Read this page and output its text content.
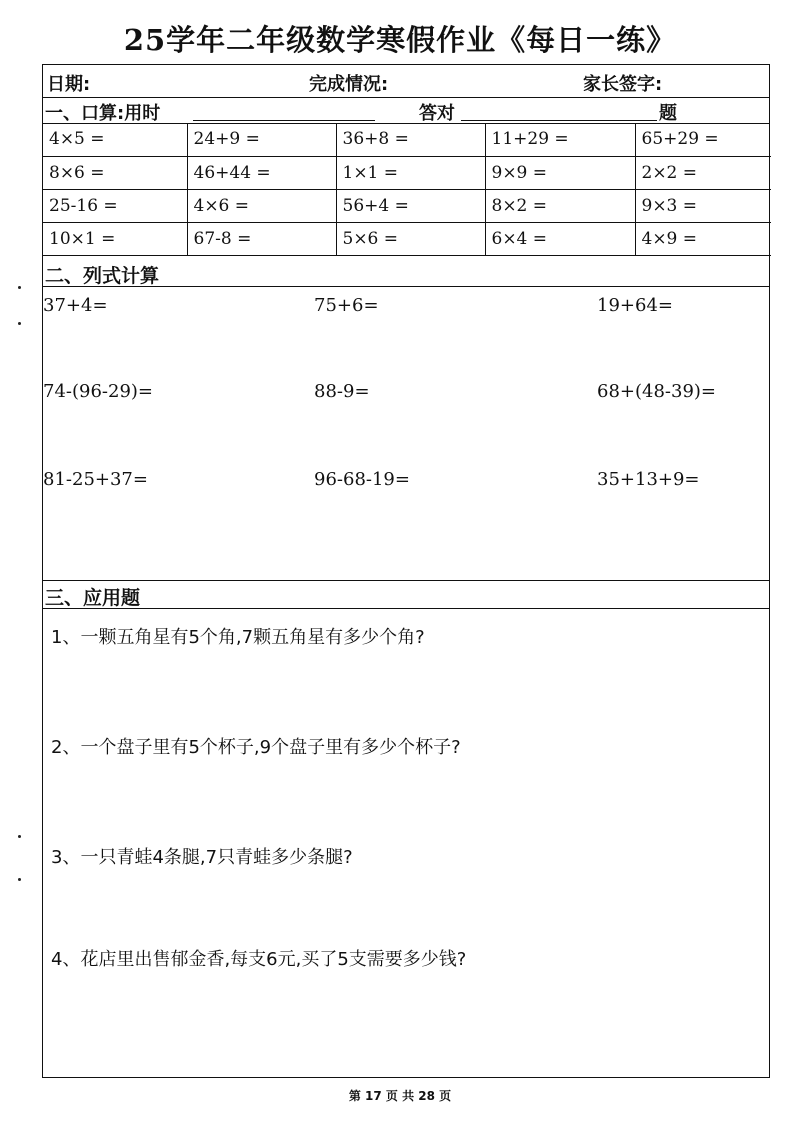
25学年二年级数学寒假作业《每日一练》
日期:	完成情况:	家长签字:
一、口算:用时	答对	题
4×5 =	24+9 =	36+8 =	11+29 =	65+29 =
8×6 =	46+44 =	1×1 =	9×9 =	2×2 =
25-16 =	4×6 =	56+4 =	8×2 =	9×3 =
10×1 =	67-8 =	5×6 =	6×4 =	4×9 =
二、列式计算
37+4=	75+6=	19+64=
74-(96-29)=	88-9=	68+(48-39)=
81-25+37=	96-68-19=	35+13+9=
三、应用题
1、一颗五角星有5个角,7颗五角星有多少个角?
2、一个盘子里有5个杯子,9个盘子里有多少个杯子?
3、一只青蛙4条腿,7只青蛙多少条腿?
4、花店里出售郁金香,每支6元,买了5支需要多少钱?
第 17 页 共 28 页
